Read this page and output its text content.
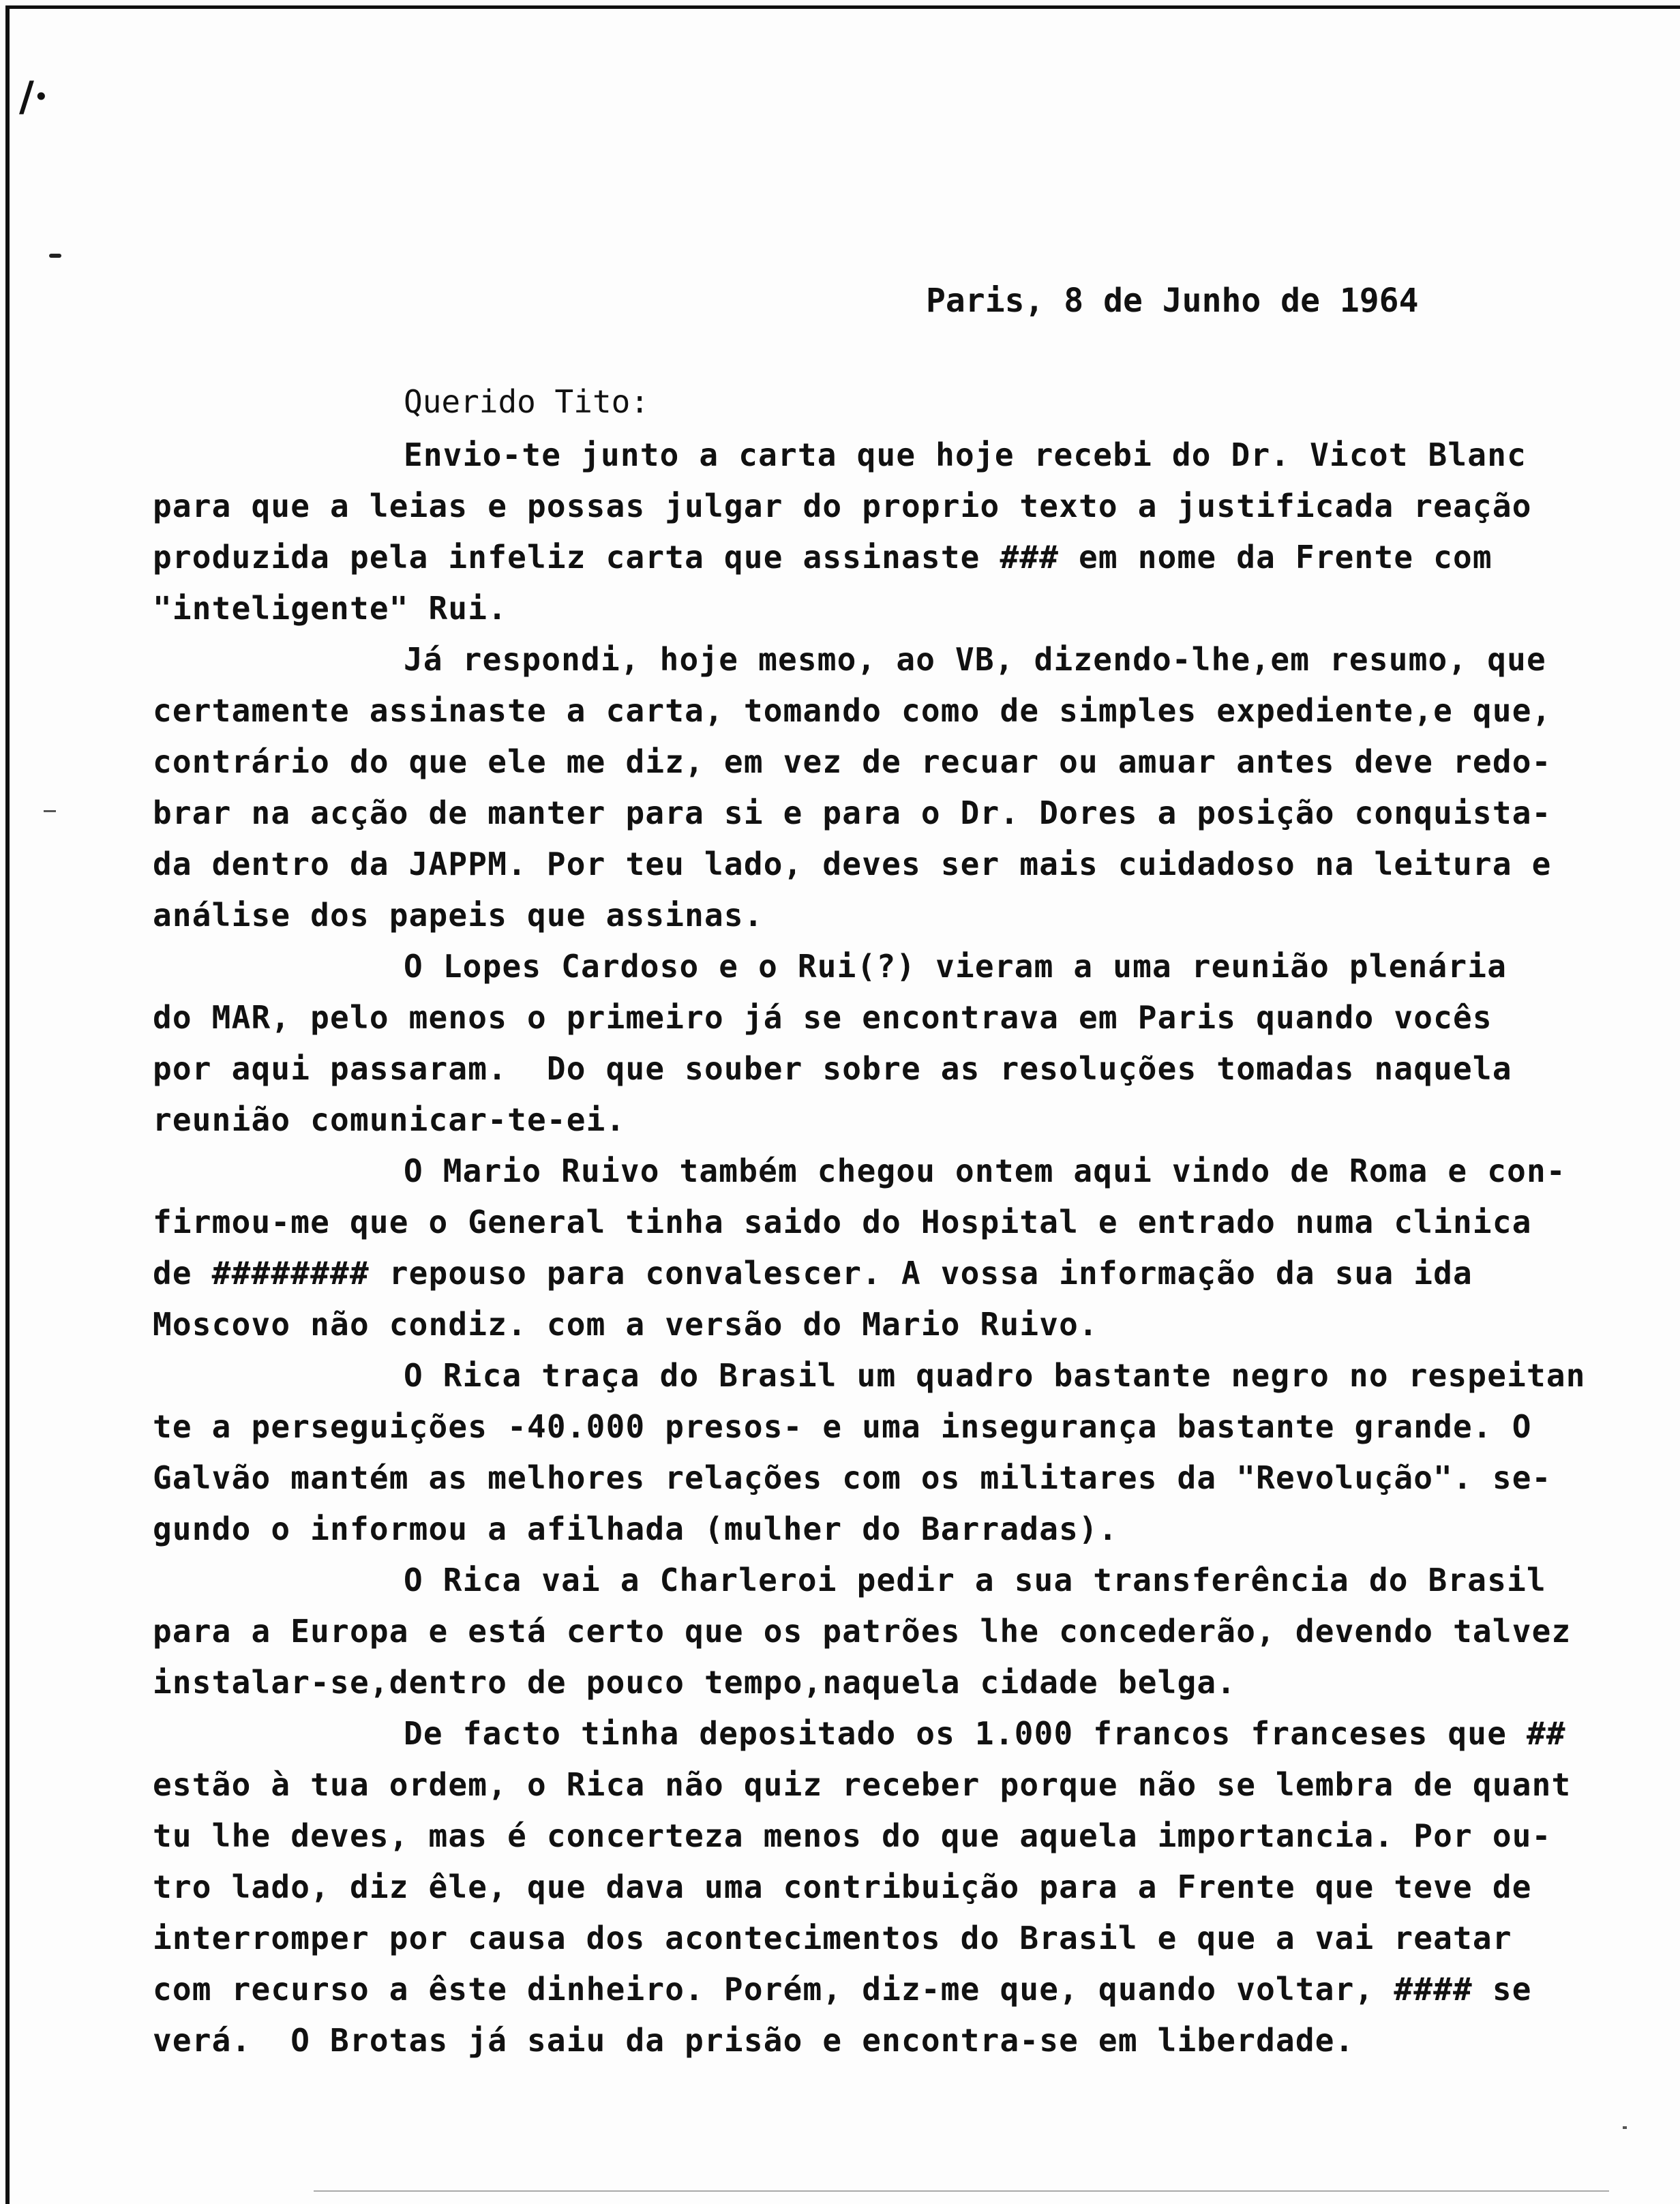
/·
Paris, 8 de Junho de 1964
Querido Tito:
Envio-te junto a carta que hoje recebi do Dr. Vicot Blanc
para que a leias e possas julgar do proprio texto a justificada reação
produzida pela infeliz carta que assinaste ### em nome da Frente com
"inteligente" Rui.
Já respondi, hoje mesmo, ao VB, dizendo-lhe,em resumo, que
certamente assinaste a carta, tomando como de simples expediente,e que,
contrário do que ele me diz, em vez de recuar ou amuar antes deve redo-
brar na acção de manter para si e para o Dr. Dores a posição conquista-
da dentro da JAPPM. Por teu lado, deves ser mais cuidadoso na leitura e
análise dos papeis que assinas.
O Lopes Cardoso e o Rui(?) vieram a uma reunião plenária
do MAR, pelo menos o primeiro já se encontrava em Paris quando vocês
por aqui passaram.  Do que souber sobre as resoluções tomadas naquela
reunião comunicar-te-ei.
O Mario Ruivo também chegou ontem aqui vindo de Roma e con-
firmou-me que o General tinha saido do Hospital e entrado numa clinica
de ######## repouso para convalescer. A vossa informação da sua ida
Moscovo não condiz. com a versão do Mario Ruivo.
O Rica traça do Brasil um quadro bastante negro no respeitan
te a perseguições -40.000 presos- e uma insegurança bastante grande. O
Galvão mantém as melhores relações com os militares da "Revolução". se-
gundo o informou a afilhada (mulher do Barradas).
O Rica vai a Charleroi pedir a sua transferência do Brasil
para a Europa e está certo que os patrões lhe concederão, devendo talvez
instalar-se,dentro de pouco tempo,naquela cidade belga.
De facto tinha depositado os 1.000 francos franceses que ##
estão à tua ordem, o Rica não quiz receber porque não se lembra de quant
tu lhe deves, mas é concerteza menos do que aquela importancia. Por ou-
tro lado, diz êle, que dava uma contribuição para a Frente que teve de
interromper por causa dos acontecimentos do Brasil e que a vai reatar
com recurso a êste dinheiro. Porém, diz-me que, quando voltar, #### se
verá.  O Brotas já saiu da prisão e encontra-se em liberdade.
